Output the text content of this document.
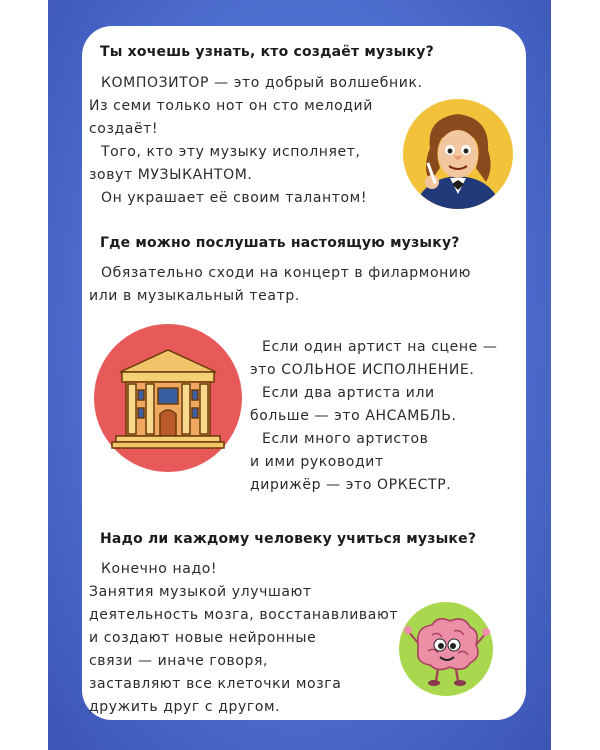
Ты хочешь узнать, кто создаёт музыку?

КОМПОЗИТОР — это добрый волшебник.

Из семи только нот он сто мелодий

создаёт!

Того, кто эту музыку исполняет,

зовут МУЗЫКАНТОМ.

Он украшает её своим талантом!

Где можно послушать настоящую музыку?

Обязательно сходи на концерт в филармонию

или в музыкальный театр.

Если один артист на сцене —

это СОЛЬНОЕ ИСПОЛНЕНИЕ.

Если два артиста или

больше — это АНСАМБЛЬ.

Если много артистов

и ими руководит

дирижёр — это ОРКЕСТР.

Надо ли каждому человеку учиться музыке?

Конечно надо!

Занятия музыкой улучшают

деятельность мозга, восстанавливают

и создают новые нейронные

связи — иначе говоря,

заставляют все клеточки мозга

дружить друг с другом.
